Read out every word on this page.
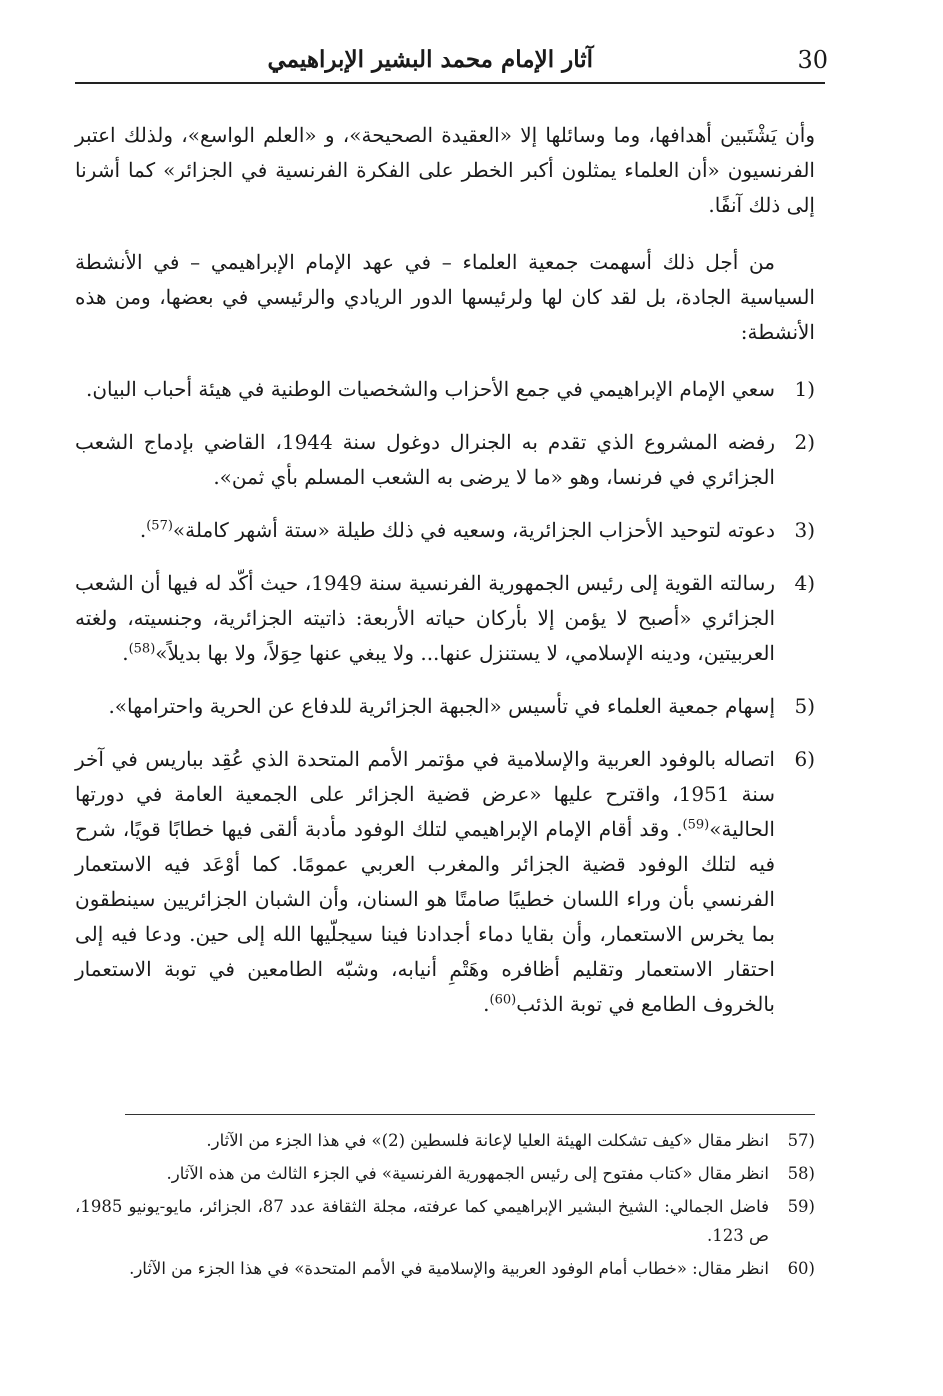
آثار الإمام محمد البشير الإبراهيمي	30

وأن يَشْتَبين أهدافها، وما وسائلها إلا «العقيدة الصحيحة»، و «العلم الواسع»، ولذلك اعتبر الفرنسيون «أن العلماء يمثلون أكبر الخطر على الفكرة الفرنسية في الجزائر» كما أشرنا إلى ذلك آنفًا.

من أجل ذلك أسهمت جمعية العلماء – في عهد الإمام الإبراهيمي – في الأنشطة السياسية الجادة، بل لقد كان لها ولرئيسها الدور الريادي والرئيسي في بعضها، ومن هذه الأنشطة:

1)
سعي الإمام الإبراهيمي في جمع الأحزاب والشخصيات الوطنية في هيئة أحباب البيان.
2)
رفضه المشروع الذي تقدم به الجنرال دوغول سنة 1944، القاضي بإدماج الشعب الجزائري في فرنسا، وهو «ما لا يرضى به الشعب المسلم بأي ثمن».
3)
دعوته لتوحيد الأحزاب الجزائرية، وسعيه في ذلك طيلة «ستة أشهر كاملة»$^{(57)}$.
4)
رسالته القوية إلى رئيس الجمهورية الفرنسية سنة 1949، حيث أكّد له فيها أن الشعب الجزائري «أصبح لا يؤمن إلا بأركان حياته الأربعة: ذاتيته الجزائرية، وجنسيته، ولغته العربيتين، ودينه الإسلامي، لا يستنزل عنها... ولا يبغي عنها حِوَلاً، ولا بها بديلاً»$^{(58)}$.
5)
إسهام جمعية العلماء في تأسيس «الجبهة الجزائرية للدفاع عن الحرية واحترامها».
6)
اتصاله بالوفود العربية والإسلامية في مؤتمر الأمم المتحدة الذي عُقِد بباريس في آخر سنة 1951، واقترح عليها «عرض قضية الجزائر على الجمعية العامة في دورتها الحالية»$^{(59)}$. وقد أقام الإمام الإبراهيمي لتلك الوفود مأدبة ألقى فيها خطابًا قويًا، شرح فيه لتلك الوفود قضية الجزائر والمغرب العربي عمومًا. كما أوْعَد فيه الاستعمار الفرنسي بأن وراء اللسان خطيبًا صامتًا هو السنان، وأن الشبان الجزائريين سينطقون بما يخرس الاستعمار، وأن بقايا دماء أجدادنا فينا سيجلّيها الله إلى حين. ودعا فيه إلى احتقار الاستعمار وتقليم أظافره وهَتْمِ أنيابه، وشبّه الطامعين في توبة الاستعمار بالخروف الطامع في توبة الذئب$^{(60)}$.
57)
انظر مقال «كيف تشكلت الهيئة العليا لإعانة فلسطين (2)» في هذا الجزء من الآثار.
58)
انظر مقال «كتاب مفتوح إلى رئيس الجمهورية الفرنسية» في الجزء الثالث من هذه الآثار.
59)
فاضل الجمالي: الشيخ البشير الإبراهيمي كما عرفته، مجلة الثقافة عدد 87، الجزائر، مايو-يونيو 1985، ص 123.
60)
انظر مقال: «خطاب أمام الوفود العربية والإسلامية في الأمم المتحدة» في هذا الجزء من الآثار.
